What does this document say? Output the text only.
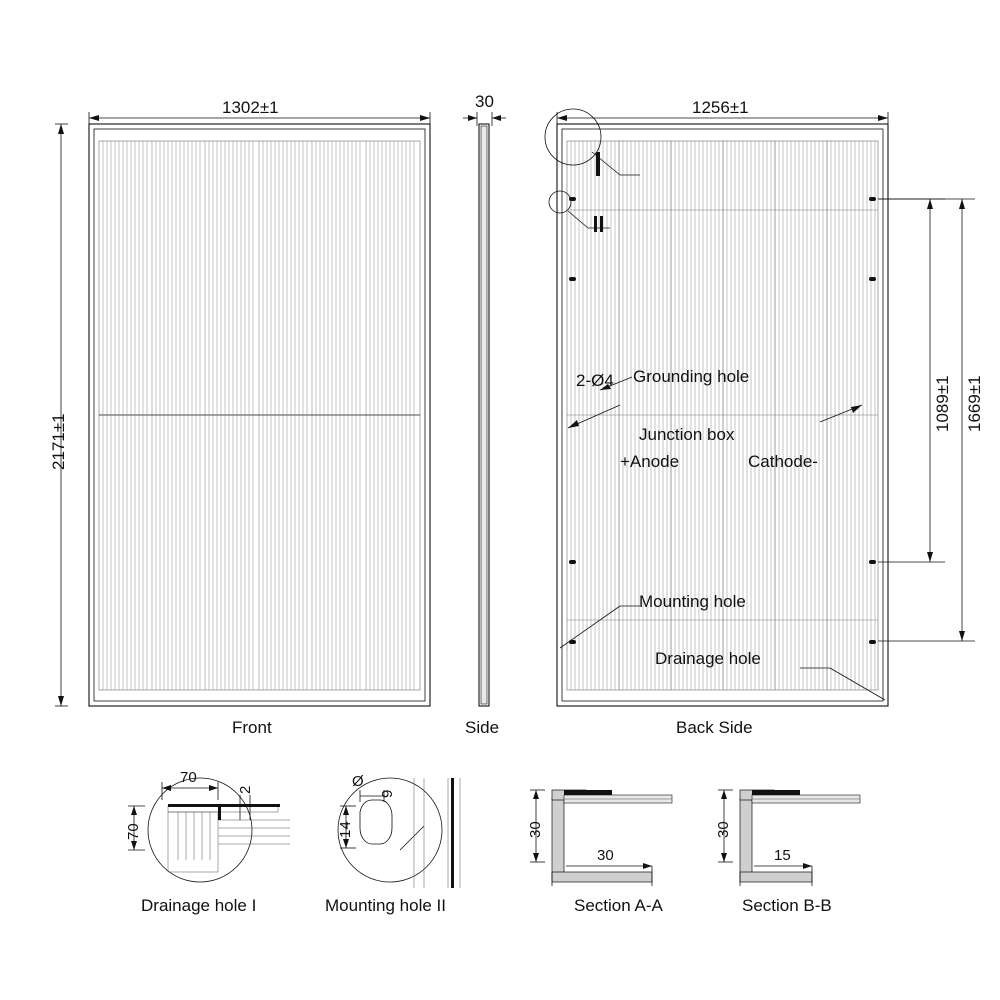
1302±1
2171±1
30	1256±1
1089±1 1669±1
2-Ø4 Grounding hole
Junction box
+Anode	Cathode-
Mounting hole
Drainage hole
Front	Side	Back Side
70
70
2	Ø
9
14	30
30
30
15
Drainage hole I	Mounting hole II	Section A-A	Section B-B
